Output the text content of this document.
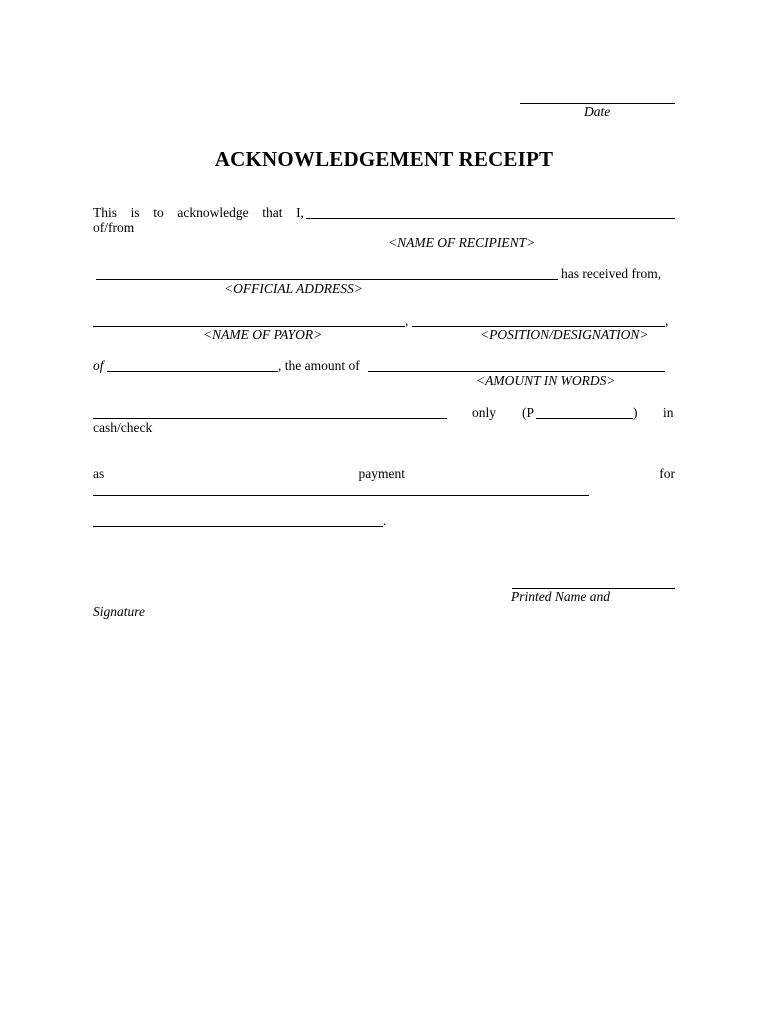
Date
ACKNOWLEDGEMENT RECEIPT
This is to acknowledge that I,
of/from
<NAME OF RECIPIENT>
has received from,
<OFFICIAL ADDRESS>
,	,
<NAME OF PAYOR>	<POSITION/DESIGNATION>
of	, the amount of
<AMOUNT IN WORDS>
only (P	) in
cash/check
as	payment	for
.
Printed Name and
Signature
